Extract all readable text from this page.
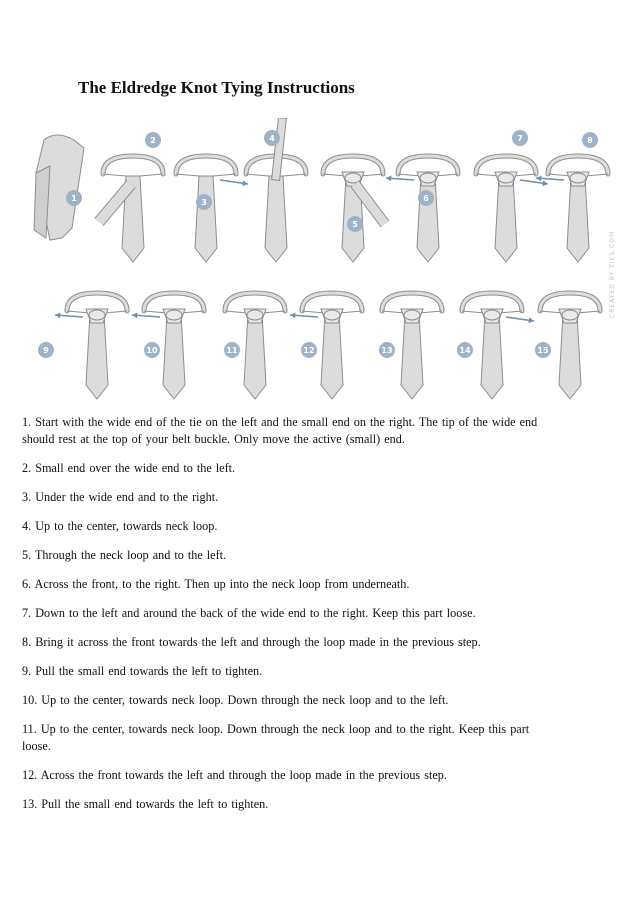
The Eldredge Knot Tying Instructions
CREATED BY TIES.COM
1
2
3
4
5
6
7	8
9	10	11	12	13	14	15

1. Start with the wide end of the tie on the left and the small end on the right. The tip of the wide end should rest at the top of your belt buckle. Only move the active (small) end.

2. Small end over the wide end to the left.

3. Under the wide end and to the right.

4. Up to the center, towards neck loop.

5. Through the neck loop and to the left.

6. Across the front, to the right. Then up into the neck loop from underneath.

7. Down to the left and around the back of the wide end to the right. Keep this part loose.

8. Bring it across the front towards the left and through the loop made in the previous step.

9. Pull the small end towards the left to tighten.

10. Up to the center, towards neck loop. Down through the neck loop and to the left.

11. Up to the center, towards neck loop. Down through the neck loop and to the right. Keep this part loose.

12. Across the front towards the left and through the loop made in the previous step.

13. Pull the small end towards the left to tighten.
